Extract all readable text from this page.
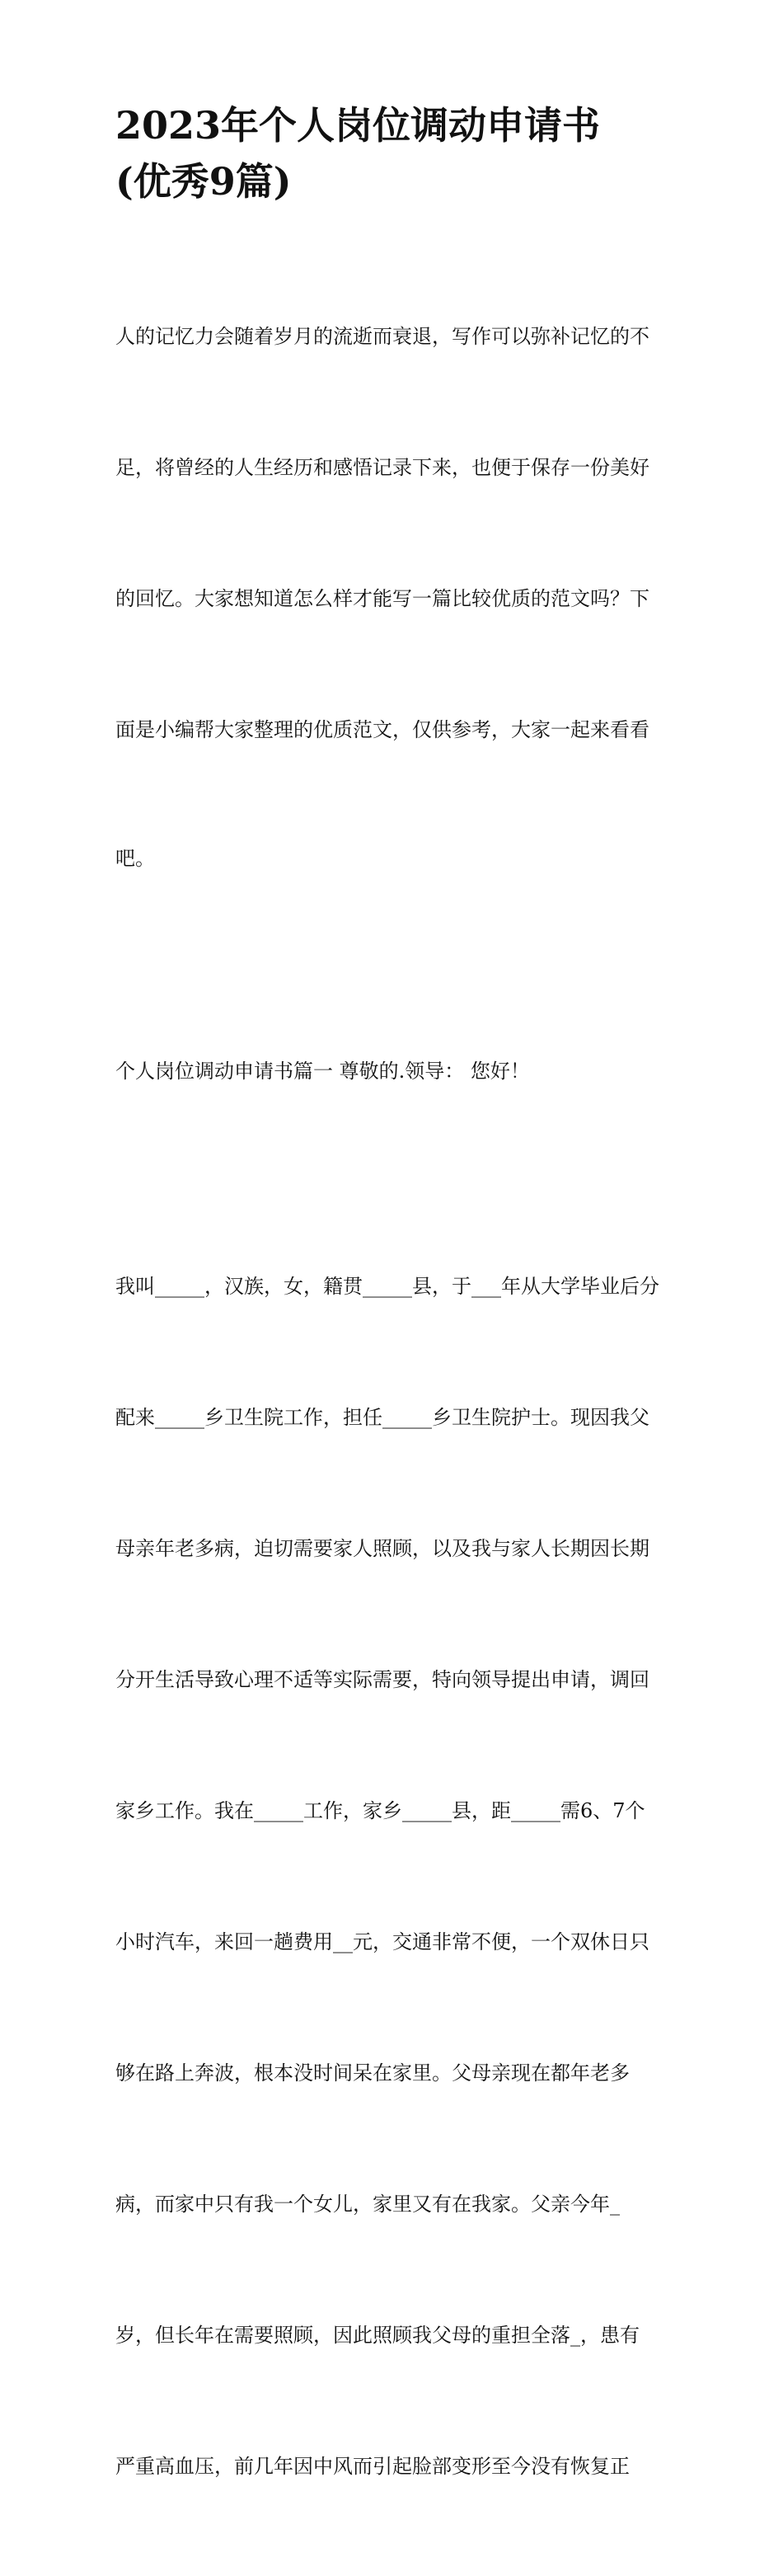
2023年个人岗位调动申请书
(优秀9篇)

人的记忆力会随着岁月的流逝而衰退，写作可以弥补记忆的不

足，将曾经的人生经历和感悟记录下来，也便于保存一份美好

的回忆。大家想知道怎么样才能写一篇比较优质的范文吗？下

面是小编帮大家整理的优质范文，仅供参考，大家一起来看看

吧。

个人岗位调动申请书篇一 尊敬的.领导： 您好！

我叫_____，汉族，女，籍贯_____县，于___年从大学毕业后分

配来_____乡卫生院工作，担任_____乡卫生院护士。现因我父

母亲年老多病，迫切需要家人照顾，以及我与家人长期因长期

分开生活导致心理不适等实际需要，特向领导提出申请，调回

家乡工作。我在_____工作，家乡_____县，距_____需6、7个

小时汽车，来回一趟费用__元，交通非常不便，一个双休日只

够在路上奔波，根本没时间呆在家里。父母亲现在都年老多

病，而家中只有我一个女儿，家里又有在我家。父亲今年_

岁，但长年在需要照顾，因此照顾我父母的重担全落_，患有

严重高血压，前几年因中风而引起脸部变形至今没有恢复正
